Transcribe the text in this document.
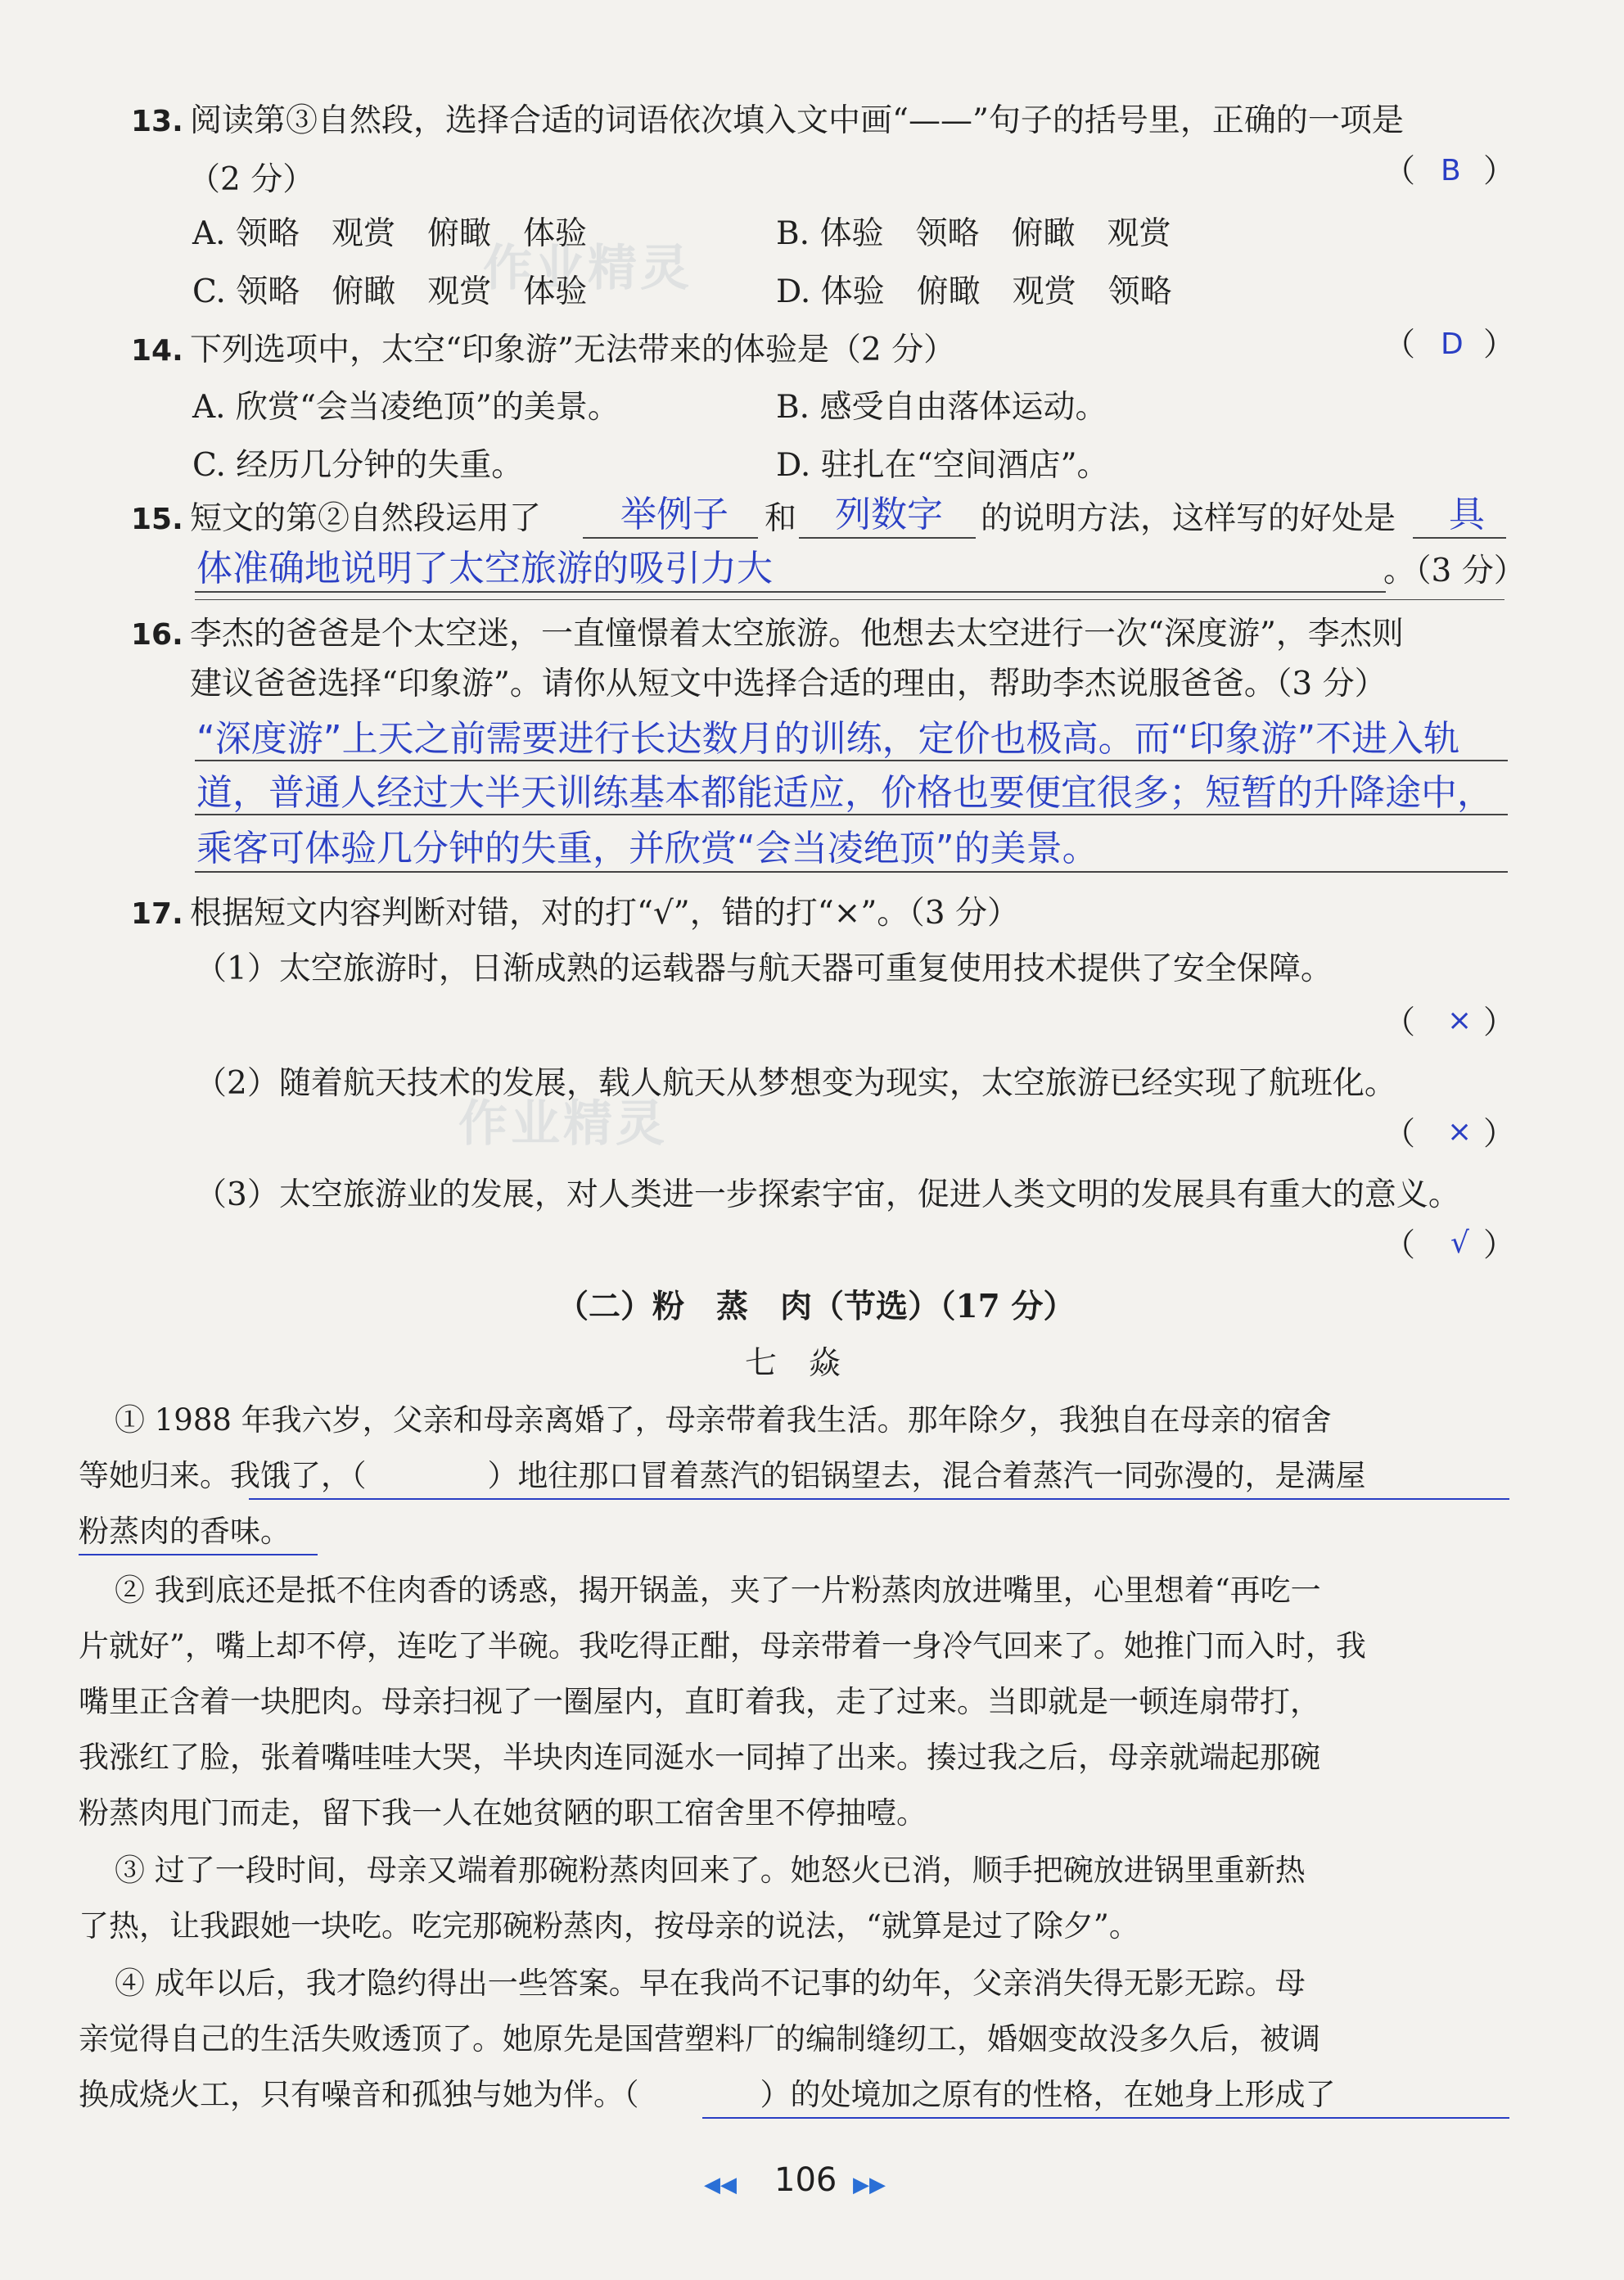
作业精灵
作业精灵
13. 阅读第③自然段，选择合适的词语依次填入文中画“——”句子的括号里，正确的一项是
（2 分）	（ B ）
A. 领略　观赏　俯瞰　体验	B. 体验　领略　俯瞰　观赏
C. 领略　俯瞰　观赏　体验	D. 体验　俯瞰　观赏　领略
14. 下列选项中，太空“印象游”无法带来的体验是（2 分）	（ D ）
A. 欣赏“会当凌绝顶”的美景。	B. 感受自由落体运动。
C. 经历几分钟的失重。	D. 驻扎在“空间酒店”。
15. 短文的第②自然段运用了 举例子 和 列数字 的说明方法，这样写的好处是 具
体准确地说明了太空旅游的吸引力大	。（3 分）
16. 李杰的爸爸是个太空迷，一直憧憬着太空旅游。他想去太空进行一次“深度游”，李杰则
建议爸爸选择“印象游”。请你从短文中选择合适的理由，帮助李杰说服爸爸。（3 分）
“深度游”上天之前需要进行长达数月的训练，定价也极高。而“印象游”不进入轨
道，普通人经过大半天训练基本都能适应，价格也要便宜很多；短暂的升降途中，
乘客可体验几分钟的失重，并欣赏“会当凌绝顶”的美景。
17. 根据短文内容判断对错，对的打“√”，错的打“×”。（3 分）
（1）太空旅游时，日渐成熟的运载器与航天器可重复使用技术提供了安全保障。
（ × ）
（2）随着航天技术的发展，载人航天从梦想变为现实，太空旅游已经实现了航班化。
（ × ）
（3）太空旅游业的发展，对人类进一步探索宇宙，促进人类文明的发展具有重大的意义。
（ √ ）
（二）粉　蒸　肉（节选）（17 分）
七　焱
① 1988 年我六岁，父亲和母亲离婚了，母亲带着我生活。那年除夕，我独自在母亲的宿舍
等她归来。我饿了，（　　　　）地往那口冒着蒸汽的铝锅望去，混合着蒸汽一同弥漫的，是满屋
粉蒸肉的香味。
② 我到底还是抵不住肉香的诱惑，揭开锅盖，夹了一片粉蒸肉放进嘴里，心里想着“再吃一
片就好”，嘴上却不停，连吃了半碗。我吃得正酣，母亲带着一身冷气回来了。她推门而入时，我
嘴里正含着一块肥肉。母亲扫视了一圈屋内，直盯着我，走了过来。当即就是一顿连扇带打，
我涨红了脸，张着嘴哇哇大哭，半块肉连同涎水一同掉了出来。揍过我之后，母亲就端起那碗
粉蒸肉甩门而走，留下我一人在她贫陋的职工宿舍里不停抽噎。
③ 过了一段时间，母亲又端着那碗粉蒸肉回来了。她怒火已消，顺手把碗放进锅里重新热
了热，让我跟她一块吃。吃完那碗粉蒸肉，按母亲的说法，“就算是过了除夕”。
④ 成年以后，我才隐约得出一些答案。早在我尚不记事的幼年，父亲消失得无影无踪。母
亲觉得自己的生活失败透顶了。她原先是国营塑料厂的编制缝纫工，婚姻变故没多久后，被调
换成烧火工，只有噪音和孤独与她为伴。（　　　　）的处境加之原有的性格，在她身上形成了
◀◀ 106 ▶▶
